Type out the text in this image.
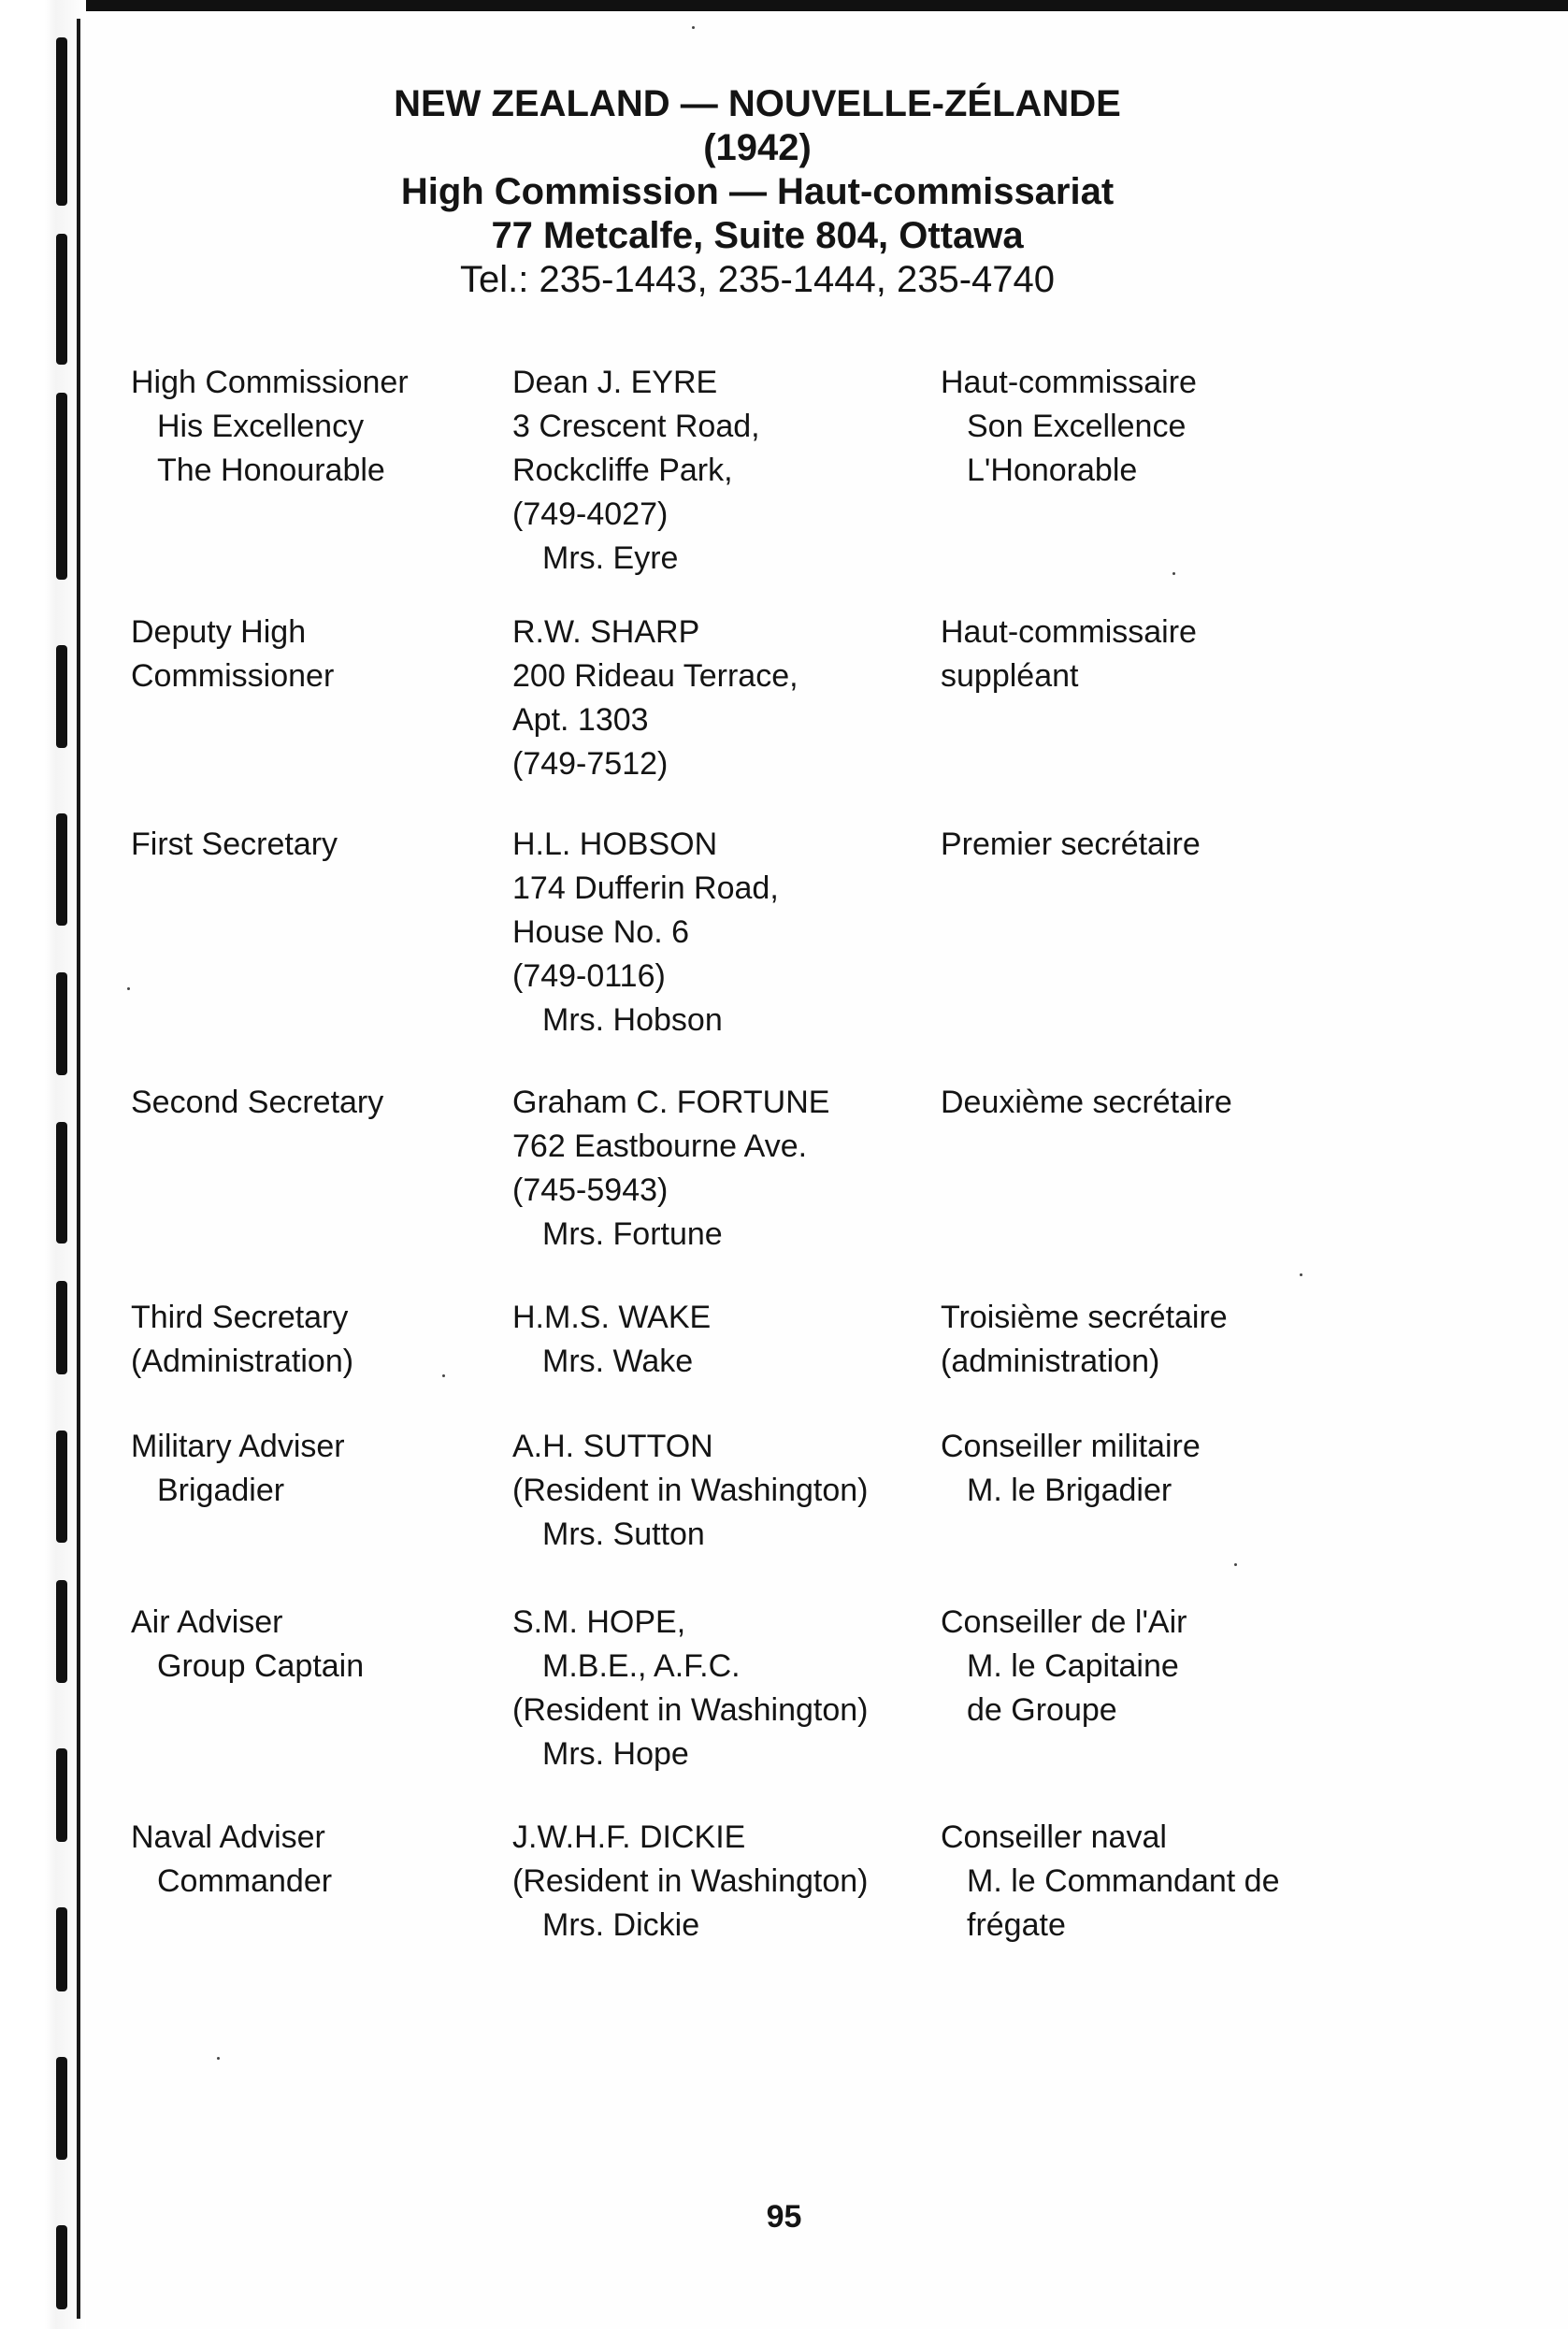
NEW ZEALAND — NOUVELLE-ZÉLANDE
(1942)
High Commission — Haut-commissariat
77 Metcalfe, Suite 804, Ottawa
Tel.: 235-1443, 235-1444, 235-4740
High Commissioner
His Excellency
The Honourable
Dean J. EYRE
3 Crescent Road,
Rockcliffe Park,
(749-4027)
Mrs. Eyre
Haut-commissaire
Son Excellence
L'Honorable
Deputy High
Commissioner
R.W. SHARP
200 Rideau Terrace,
Apt. 1303
(749-7512)
Haut-commissaire
suppléant
First Secretary	H.L. HOBSON
174 Dufferin Road,
House No. 6
(749-0116)
Mrs. Hobson
Premier secrétaire
Second Secretary	Graham C. FORTUNE
762 Eastbourne Ave.
(745-5943)
Mrs. Fortune
Deuxième secrétaire
Third Secretary
(Administration)
H.M.S. WAKE
Mrs. Wake
Troisième secrétaire
(administration)
Military Adviser
Brigadier
A.H. SUTTON
(Resident in Washington)
Mrs. Sutton
Conseiller militaire
M. le Brigadier
Air Adviser
Group Captain
S.M. HOPE,
M.B.E., A.F.C.
(Resident in Washington)
Mrs. Hope
Conseiller de l'Air
M. le Capitaine
de Groupe
Naval Adviser
Commander
J.W.H.F. DICKIE
(Resident in Washington)
Mrs. Dickie
Conseiller naval
M. le Commandant de
frégate
95
